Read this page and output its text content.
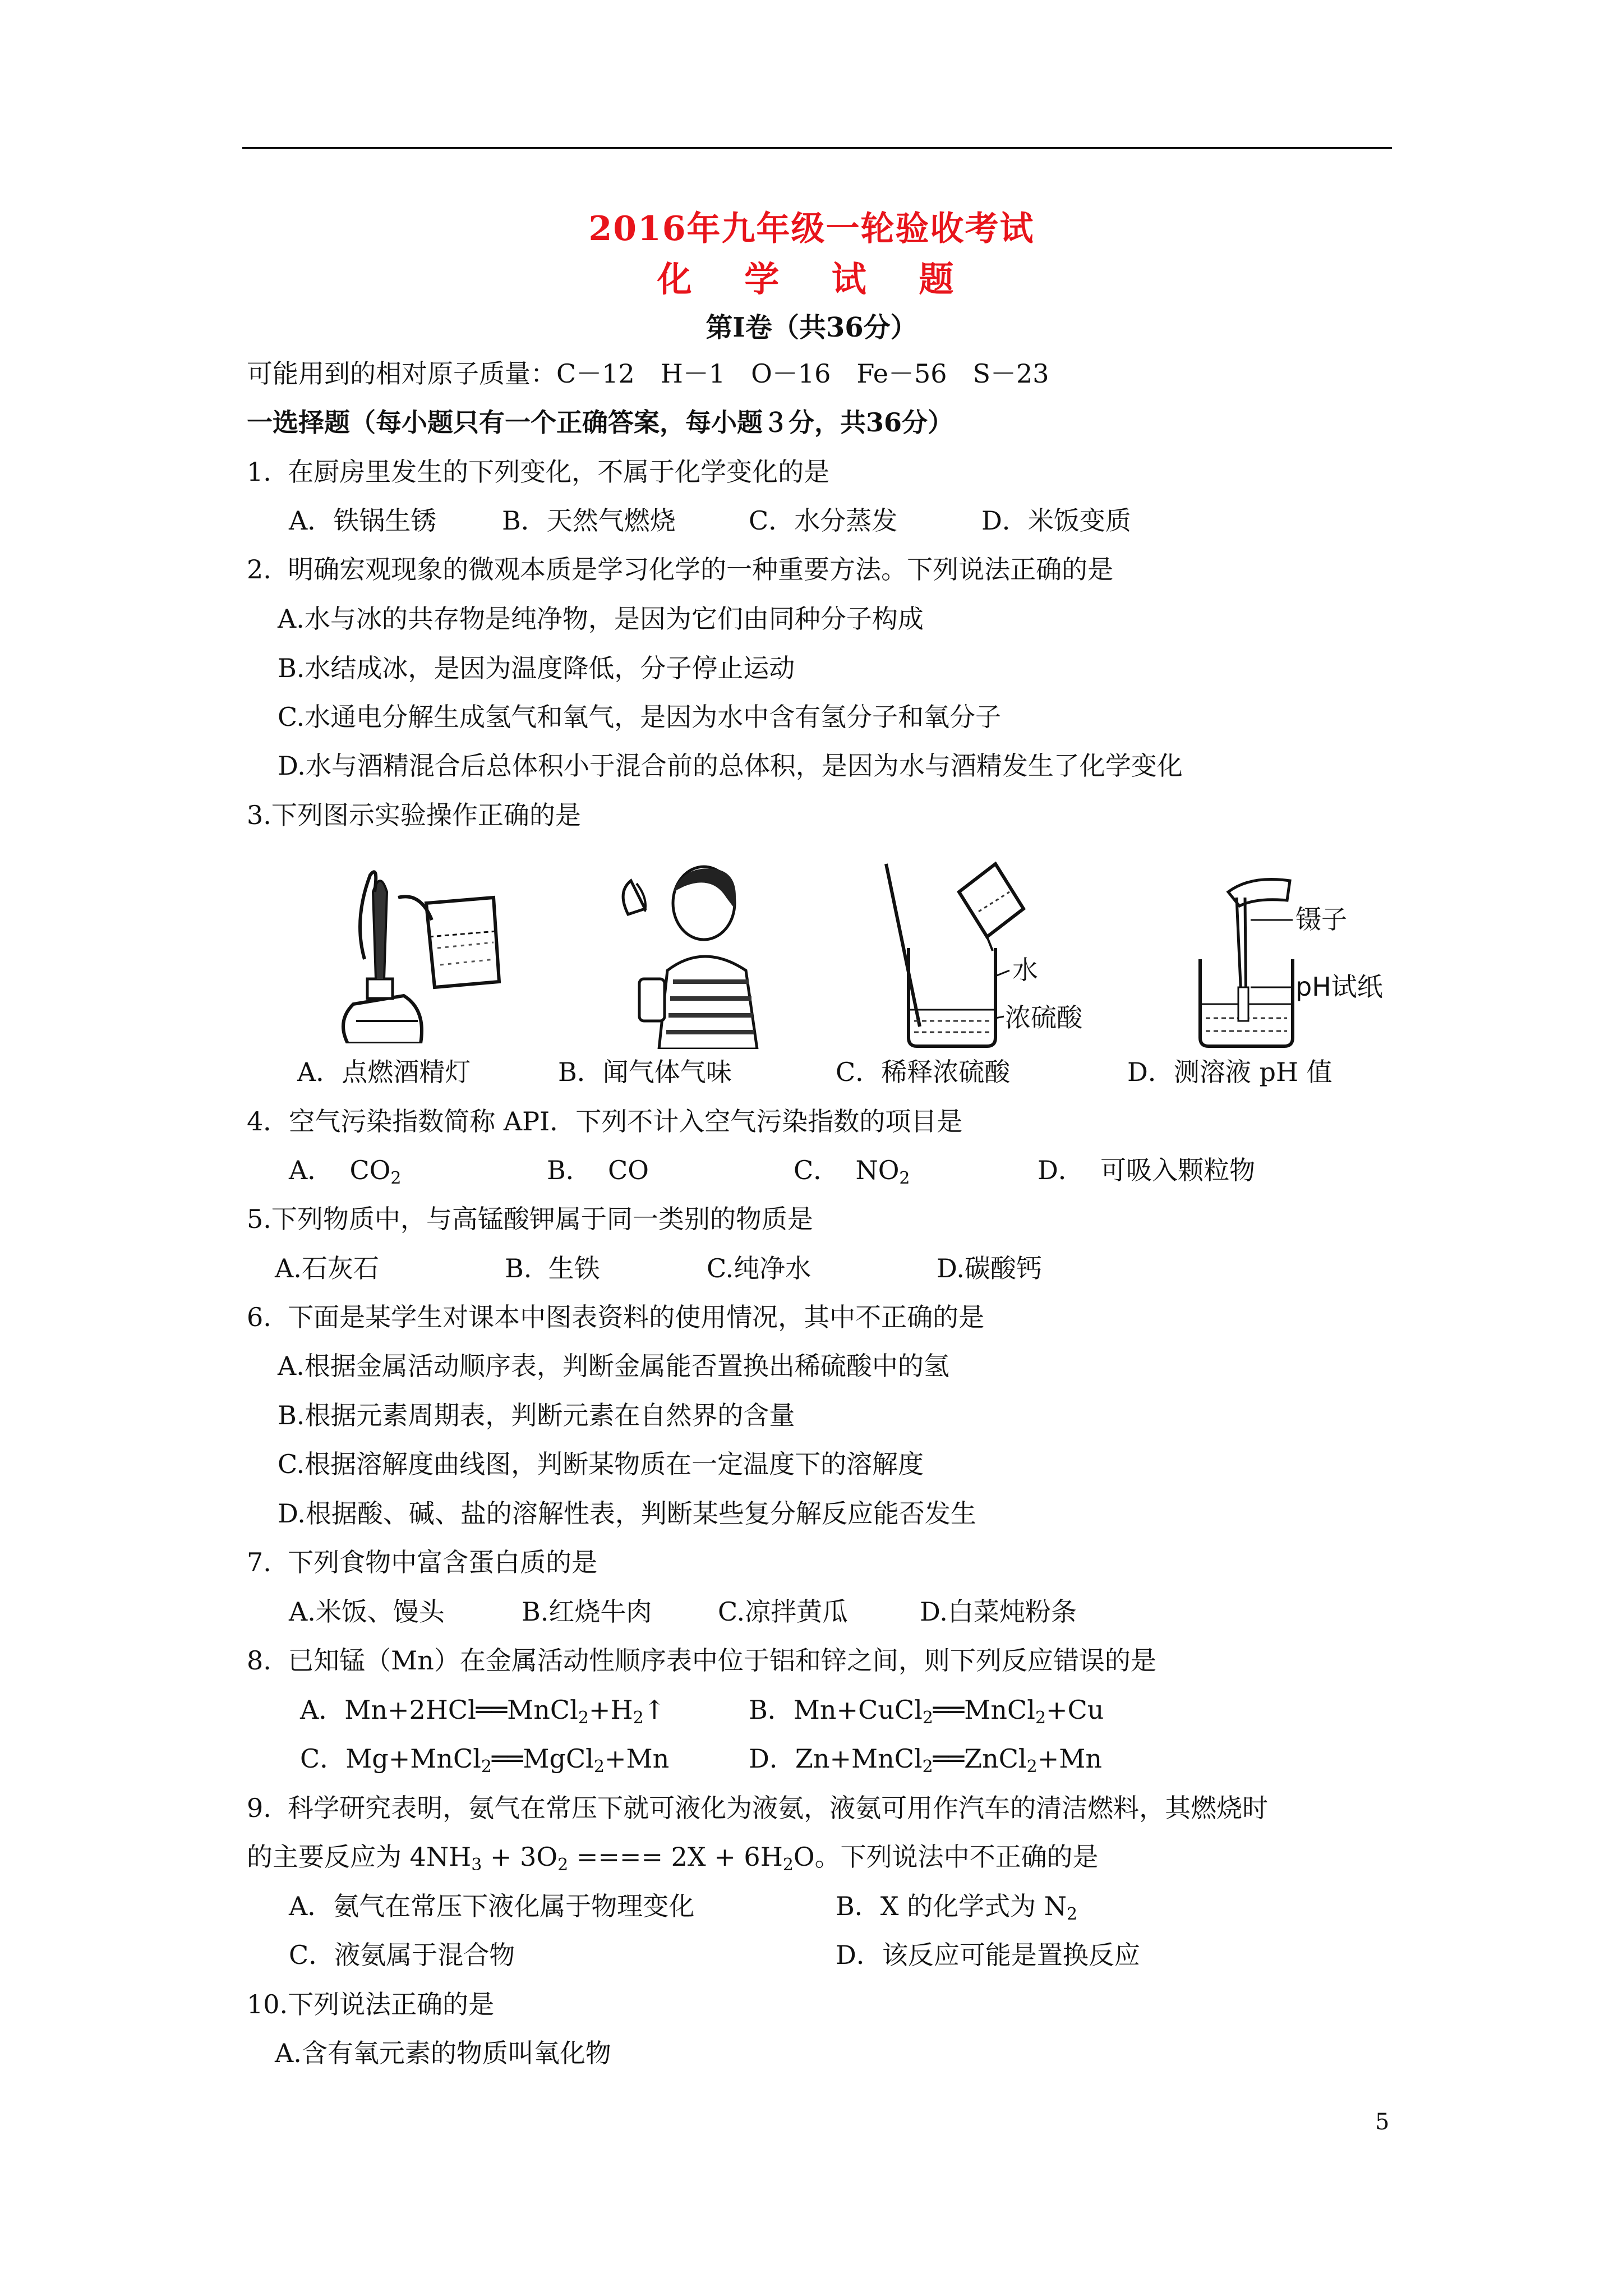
2016年九年级一轮验收考试
化 学 试 题
第Ⅰ卷（共36分）
可能用到的相对原子质量：C－12　H－1　O－16　Fe－56　S－23
一选择题（每小题只有一个正确答案，每小题３分，共36分）
1.  在厨房里发生的下列变化，不属于化学变化的是
A．铁锅生锈	B．天然气燃烧	C．水分蒸发	D．米饭变质
2.  明确宏观现象的微观本质是学习化学的一种重要方法。下列说法正确的是
A.水与冰的共存物是纯净物，是因为它们由同种分子构成
B.水结成冰，是因为温度降低，分子停止运动
C.水通电分解生成氢气和氧气，是因为水中含有氢分子和氧分子
D.水与酒精混合后总体积小于混合前的总体积，是因为水与酒精发生了化学变化
3.下列图示实验操作正确的是
水
浓硫酸
镊子
pH试纸
A．点燃酒精灯	B．闻气体气味	C．稀释浓硫酸	D．测溶液 pH 值
4．空气污染指数简称 API．下列不计入空气污染指数的项目是
A．  $CO_2$	B．  CO	C．  $NO_2$	D．  可吸入颗粒物
5.下列物质中，与高锰酸钾属于同一类别的物质是
A.石灰石	B.  生铁	C.纯净水	D.碳酸钙
6.  下面是某学生对课本中图表资料的使用情况，其中不正确的是
A.根据金属活动顺序表，判断金属能否置换出稀硫酸中的氢
B.根据元素周期表，判断元素在自然界的含量
C.根据溶解度曲线图，判断某物质在一定温度下的溶解度
D.根据酸、碱、盐的溶解性表，判断某些复分解反应能否发生
7.  下列食物中富含蛋白质的是
A.米饭、馒头	B.红烧牛肉	C.凉拌黄瓜	D.白菜炖粉条
8.  已知锰（Mn）在金属活动性顺序表中位于铝和锌之间，则下列反应错误的是
A．$Mn+2HCl══MnCl_2+H_2↑$	B．Mn+CuCl$_2$══MnCl$_2$+Cu
C．Mg+MnCl$_2$══MgCl$_2$+Mn	D．Zn+MnCl$_2$══ZnCl$_2$+Mn
9.  科学研究表明，氨气在常压下就可液化为液氨，液氨可用作汽车的清洁燃料，其燃烧时
的主要反应为 $4NH_3 + 3O_2$ ==== $2X + 6H_2O$。下列说法中不正确的是
A．氨气在常压下液化属于物理变化	B．X 的化学式为 $N_2$
C．液氨属于混合物	D．该反应可能是置换反应
10.下列说法正确的是
A.含有氧元素的物质叫氧化物
5
